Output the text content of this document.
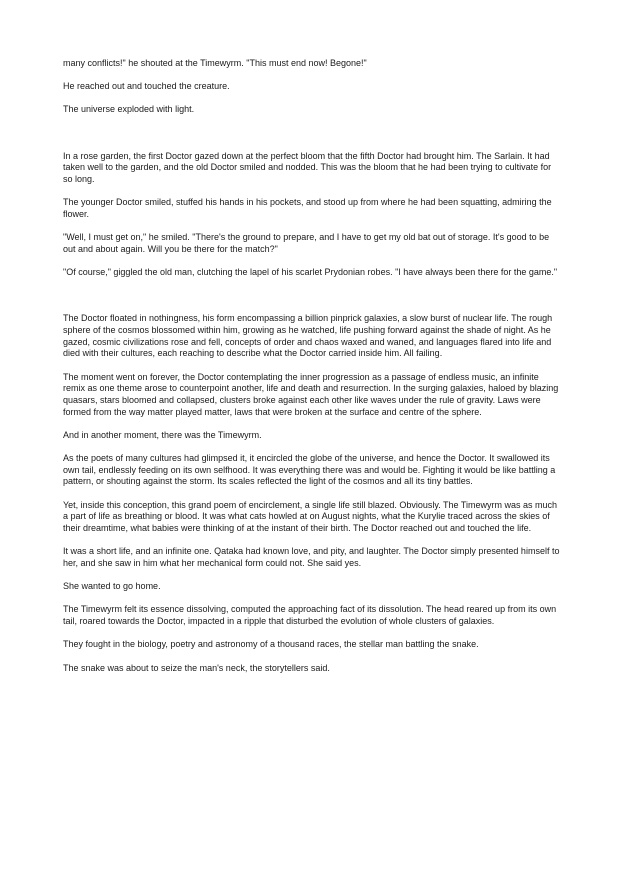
many conflicts!" he shouted at the Timewyrm. "This must end now! Begone!"

He reached out and touched the creature.

The universe exploded with light.

In a rose garden, the first Doctor gazed down at the perfect bloom that the fifth Doctor had brought him. The Sarlain. It had taken well to the garden, and the old Doctor smiled and nodded. This was the bloom that he had been trying to cultivate for so long.

The younger Doctor smiled, stuffed his hands in his pockets, and stood up from where he had been squatting, admiring the flower.

"Well, I must get on," he smiled. "There's the ground to prepare, and I have to get my old bat out of storage. It's good to be out and about again. Will you be there for the match?"

"Of course," giggled the old man, clutching the lapel of his scarlet Prydonian robes. "I have always been there for the game."

The Doctor floated in nothingness, his form encompassing a billion pinprick galaxies, a slow burst of nuclear life. The rough sphere of the cosmos blossomed within him, growing as he watched, life pushing forward against the shade of night. As he gazed, cosmic civilizations rose and fell, concepts of order and chaos waxed and waned, and languages flared into life and died with their cultures, each reaching to describe what the Doctor carried inside him. All failing.

The moment went on forever, the Doctor contemplating the inner progression as a passage of endless music, an infinite remix as one theme arose to counterpoint another, life and death and resurrection. In the surging galaxies, haloed by blazing quasars, stars bloomed and collapsed, clusters broke against each other like waves under the rule of gravity. Laws were formed from the way matter played matter, laws that were broken at the surface and centre of the sphere.

And in another moment, there was the Timewyrm.

As the poets of many cultures had glimpsed it, it encircled the globe of the universe, and hence the Doctor. It swallowed its own tail, endlessly feeding on its own selfhood. It was everything there was and would be. Fighting it would be like battling a pattern, or shouting against the storm. Its scales reflected the light of the cosmos and all its tiny battles.

Yet, inside this conception, this grand poem of encirclement, a single life still blazed. Obviously. The Timewyrm was as much a part of life as breathing or blood. It was what cats howled at on August nights, what the Kurylie traced across the skies of their dreamtime, what babies were thinking of at the instant of their birth. The Doctor reached out and touched the life.

It was a short life, and an infinite one. Qataka had known love, and pity, and laughter. The Doctor simply presented himself to her, and she saw in him what her mechanical form could not. She said yes.

She wanted to go home.

The Timewyrm felt its essence dissolving, computed the approaching fact of its dissolution. The head reared up from its own tail, roared towards the Doctor, impacted in a ripple that disturbed the evolution of whole clusters of galaxies.

They fought in the biology, poetry and astronomy of a thousand races, the stellar man battling the snake.

The snake was about to seize the man's neck, the storytellers said.
